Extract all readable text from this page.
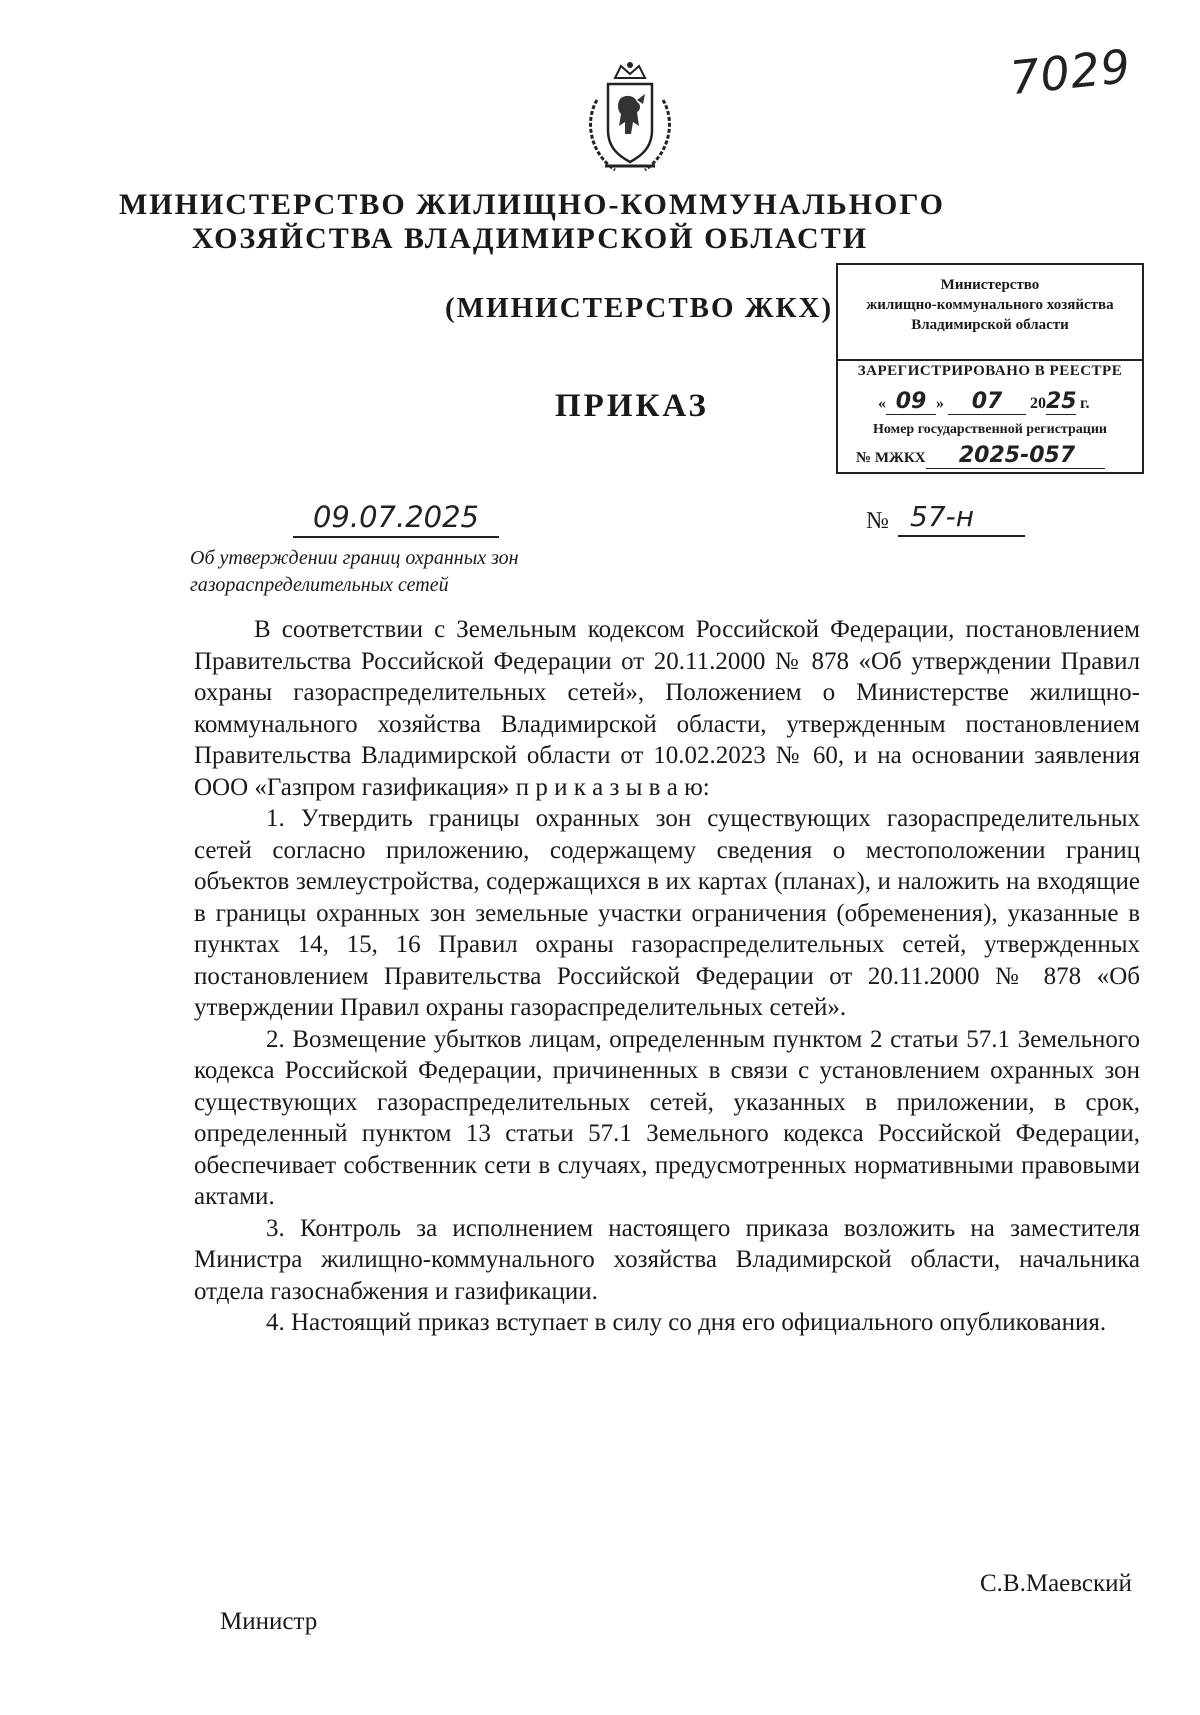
7029
МИНИСТЕРСТВО ЖИЛИЩНО-КОММУНАЛЬНОГО
ХОЗЯЙСТВА ВЛАДИМИРСКОЙ ОБЛАСТИ
(МИНИСТЕРСТВО ЖКХ)
ПРИКАЗ
Министерство
жилищно-коммунального хозяйства
Владимирской области
ЗАРЕГИСТРИРОВАНО В РЕЕСТРЕ
« 09 » 07 2025 г.
Номер государственной регистрации
№ МЖКХ 2025-057
09.07.2025	№ 57-н
Об утверждении границ охранных зон газораспределительных сетей

В соответствии с Земельным кодексом Российской Федерации, постановлением Правительства Российской Федерации от 20.11.2000 № 878 «Об утверждении Правил охраны газораспределительных сетей», Положением о Министерстве жилищно-коммунального хозяйства Владимирской области, утвержденным постановлением Правительства Владимирской области от 10.02.2023 № 60, и на основании заявления ООО «Газпром газификация» п р и к а з ы в а ю:

1. Утвердить границы охранных зон существующих газораспределительных сетей согласно приложению, содержащему сведения о местоположении границ объектов землеустройства, содержащихся в их картах (планах), и наложить на входящие в границы охранных зон земельные участки ограничения (обременения), указанные в пунктах 14, 15, 16 Правил охраны газораспределительных сетей, утвержденных постановлением Правительства Российской Федерации от 20.11.2000 № 878 «Об утверждении Правил охраны газораспределительных сетей».

2. Возмещение убытков лицам, определенным пунктом 2 статьи 57.1 Земельного кодекса Российской Федерации, причиненных в связи с установлением охранных зон существующих газораспределительных сетей, указанных в приложении, в срок, определенный пунктом 13 статьи 57.1 Земельного кодекса Российской Федерации, обеспечивает собственник сети в случаях, предусмотренных нормативными правовыми актами.

3. Контроль за исполнением настоящего приказа возложить на заместителя Министра жилищно-коммунального хозяйства Владимирской области, начальника отдела газоснабжения и газификации.

4. Настоящий приказ вступает в силу со дня его официального опубликования.

Министр
С.В.Маевский
